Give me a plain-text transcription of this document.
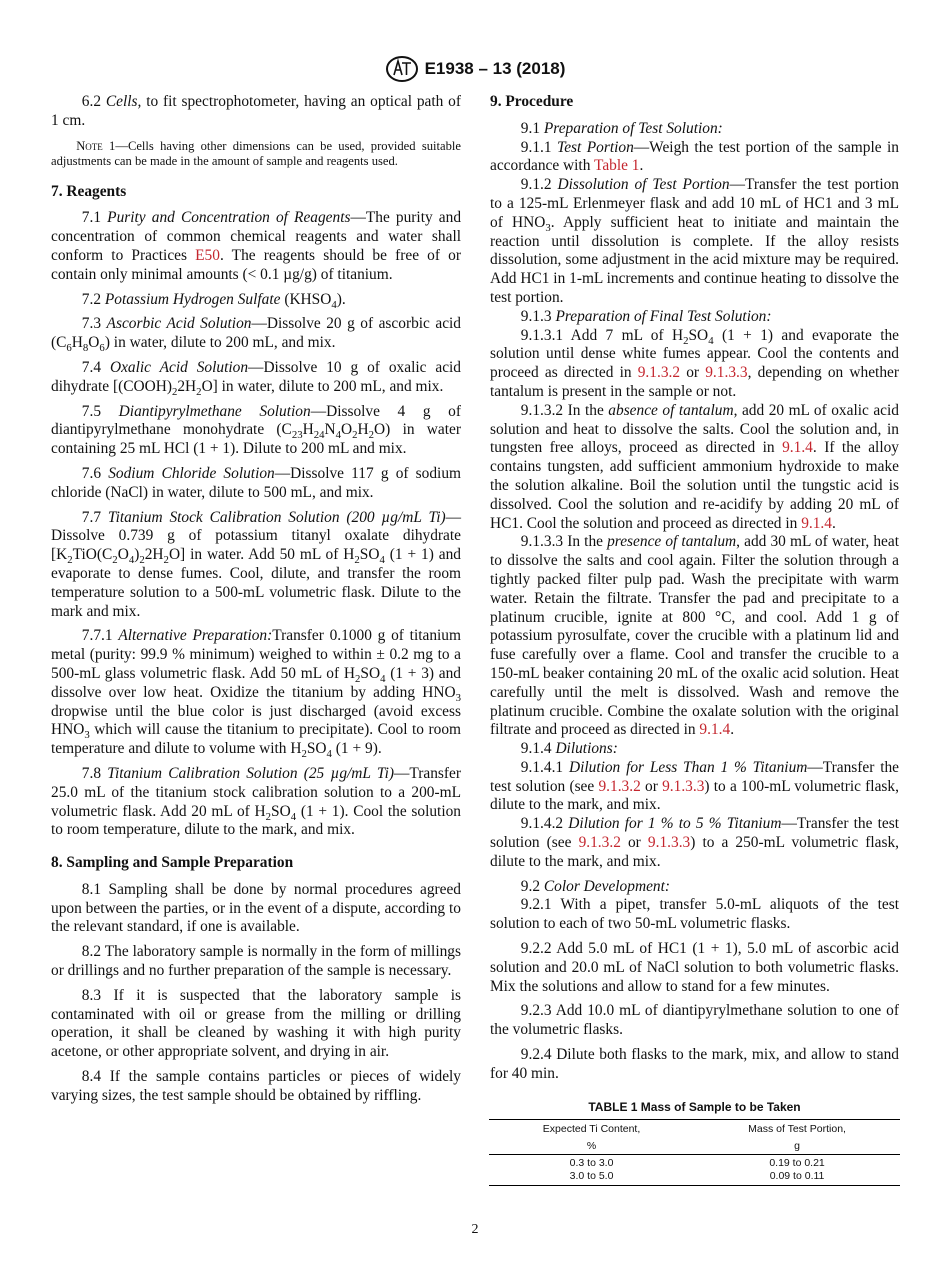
E1938 – 13 (2018)

6.2 Cells, to fit spectrophotometer, having an optical path of 1 cm.

Note 1—Cells having other dimensions can be used, provided suitable adjustments can be made in the amount of sample and reagents used.

7. Reagents

7.1 Purity and Concentration of Reagents—The purity and concentration of common chemical reagents and water shall conform to Practices E50. The reagents should be free of or contain only minimal amounts (< 0.1 µg/g) of titanium.

7.2 Potassium Hydrogen Sulfate $(KHSO_4)$.

7.3 Ascorbic Acid Solution—Dissolve 20 g of ascorbic acid $(C_6H_8O_6)$ in water, dilute to 200 mL, and mix.

7.4 Oxalic Acid Solution—Dissolve 10 g of oxalic acid dihydrate $[(COOH)_22H_2O]$ in water, dilute to 200 mL, and mix.

7.5 Diantipyrylmethane Solution—Dissolve 4 g of diantipyrylmethane monohydrate $(C_{23}H_{24}N_4O_2H_2O)$ in water containing 25 mL HCl (1 + 1). Dilute to 200 mL and mix.

7.6 Sodium Chloride Solution—Dissolve 117 g of sodium chloride (NaCl) in water, dilute to 500 mL, and mix.

7.7 Titanium Stock Calibration Solution (200 µg/mL Ti)—Dissolve 0.739 g of potassium titanyl oxalate dihydrate $[K_2TiO(C_2O_4)_22H_2O]$ in water. Add 50 mL of $H_2SO_4$ (1 + 1) and evaporate to dense fumes. Cool, dilute, and transfer the room temperature solution to a 500-mL volumetric flask. Dilute to the mark and mix.

7.7.1 Alternative Preparation:Transfer 0.1000 g of titanium metal (purity: 99.9 % minimum) weighed to within ± 0.2 mg to a 500-mL glass volumetric flask. Add 50 mL of $H_2SO_4$ (1 + 3) and dissolve over low heat. Oxidize the titanium by adding $HNO_3$ dropwise until the blue color is just discharged (avoid excess $HNO_3$ which will cause the titanium to precipitate). Cool to room temperature and dilute to volume with $H_2SO_4$ (1 + 9).

7.8 Titanium Calibration Solution (25 µg/mL Ti)—Transfer 25.0 mL of the titanium stock calibration solution to a 200-mL volumetric flask. Add 20 mL of $H_2SO_4$ (1 + 1). Cool the solution to room temperature, dilute to the mark, and mix.

8. Sampling and Sample Preparation

8.1 Sampling shall be done by normal procedures agreed upon between the parties, or in the event of a dispute, according to the relevant standard, if one is available.

8.2 The laboratory sample is normally in the form of millings or drillings and no further preparation of the sample is necessary.

8.3 If it is suspected that the laboratory sample is contaminated with oil or grease from the milling or drilling operation, it shall be cleaned by washing it with high purity acetone, or other appropriate solvent, and drying in air.

8.4 If the sample contains particles or pieces of widely varying sizes, the test sample should be obtained by riffling.

9. Procedure

9.1 Preparation of Test Solution:

9.1.1 Test Portion—Weigh the test portion of the sample in accordance with Table 1.

9.1.2 Dissolution of Test Portion—Transfer the test portion to a 125-mL Erlenmeyer flask and add 10 mL of HC1 and 3 mL of $HNO_3$. Apply sufficient heat to initiate and maintain the reaction until dissolution is complete. If the alloy resists dissolution, some adjustment in the acid mixture may be required. Add HC1 in 1-mL increments and continue heating to dissolve the test portion.

9.1.3 Preparation of Final Test Solution:

9.1.3.1 Add 7 mL of $H_2SO_4$ (1 + 1) and evaporate the solution until dense white fumes appear. Cool the contents and proceed as directed in 9.1.3.2 or 9.1.3.3, depending on whether tantalum is present in the sample or not.

9.1.3.2 In the absence of tantalum, add 20 mL of oxalic acid solution and heat to dissolve the salts. Cool the solution and, in tungsten free alloys, proceed as directed in 9.1.4. If the alloy contains tungsten, add sufficient ammonium hydroxide to make the solution alkaline. Boil the solution until the tungstic acid is dissolved. Cool the solution and re-acidify by adding 20 mL of HC1. Cool the solution and proceed as directed in 9.1.4.

9.1.3.3 In the presence of tantalum, add 30 mL of water, heat to dissolve the salts and cool again. Filter the solution through a tightly packed filter pulp pad. Wash the precipitate with warm water. Retain the filtrate. Transfer the pad and precipitate to a platinum crucible, ignite at 800 °C, and cool. Add 1 g of potassium pyrosulfate, cover the crucible with a platinum lid and fuse carefully over a flame. Cool and transfer the crucible to a 150-mL beaker containing 20 mL of the oxalic acid solution. Heat carefully until the melt is dissolved. Wash and remove the platinum crucible. Combine the oxalate solution with the original filtrate and proceed as directed in 9.1.4.

9.1.4 Dilutions:

9.1.4.1 Dilution for Less Than 1 % Titanium—Transfer the test solution (see 9.1.3.2 or 9.1.3.3) to a 100-mL volumetric flask, dilute to the mark, and mix.

9.1.4.2 Dilution for 1 % to 5 % Titanium—Transfer the test solution (see 9.1.3.2 or 9.1.3.3) to a 250-mL volumetric flask, dilute to the mark, and mix.

9.2 Color Development:

9.2.1 With a pipet, transfer 5.0-mL aliquots of the test solution to each of two 50-mL volumetric flasks.

9.2.2 Add 5.0 mL of HC1 (1 + 1), 5.0 mL of ascorbic acid solution and 20.0 mL of NaCl solution to both volumetric flasks. Mix the solutions and allow to stand for a few minutes.

9.2.3 Add 10.0 mL of diantipyrylmethane solution to one of the volumetric flasks.

9.2.4 Dilute both flasks to the mark, mix, and allow to stand for 40 min.

TABLE 1 Mass of Sample to be Taken
Expected Ti Content,	Mass of Test Portion,
%	g
0.3 to 3.0	0.19 to 0.21
3.0 to 5.0	0.09 to 0.11
2
